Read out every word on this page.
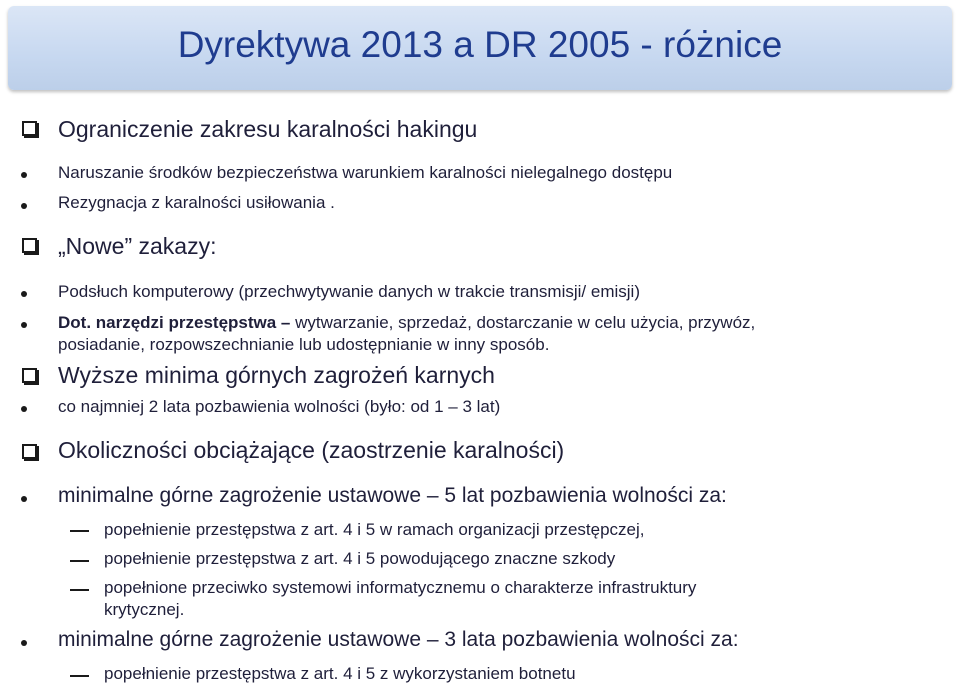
Dyrektywa 2013 a DR 2005 - różnice
Ograniczenie zakresu karalności hakingu
Naruszanie środków bezpieczeństwa warunkiem karalności nielegalnego dostępu
Rezygnacja z karalności usiłowania .
„Nowe” zakazy:
Podsłuch komputerowy (przechwytywanie danych w trakcie transmisji/ emisji)
Dot. narzędzi przestępstwa – wytwarzanie, sprzedaż, dostarczanie w celu użycia, przywóz,
posiadanie, rozpowszechnianie lub udostępnianie w inny sposób.
Wyższe minima górnych zagrożeń karnych
co najmniej 2 lata pozbawienia wolności (było: od 1 – 3 lat)
Okoliczności obciążające (zaostrzenie karalności)
minimalne górne zagrożenie ustawowe – 5 lat pozbawienia wolności za:
popełnienie przestępstwa z art. 4 i 5 w ramach organizacji przestępczej,
popełnienie przestępstwa z art. 4 i 5 powodującego znaczne szkody
popełnione przeciwko systemowi informatycznemu o charakterze infrastruktury
krytycznej.
minimalne górne zagrożenie ustawowe – 3 lata pozbawienia wolności za:
popełnienie przestępstwa z art. 4 i 5 z wykorzystaniem botnetu
